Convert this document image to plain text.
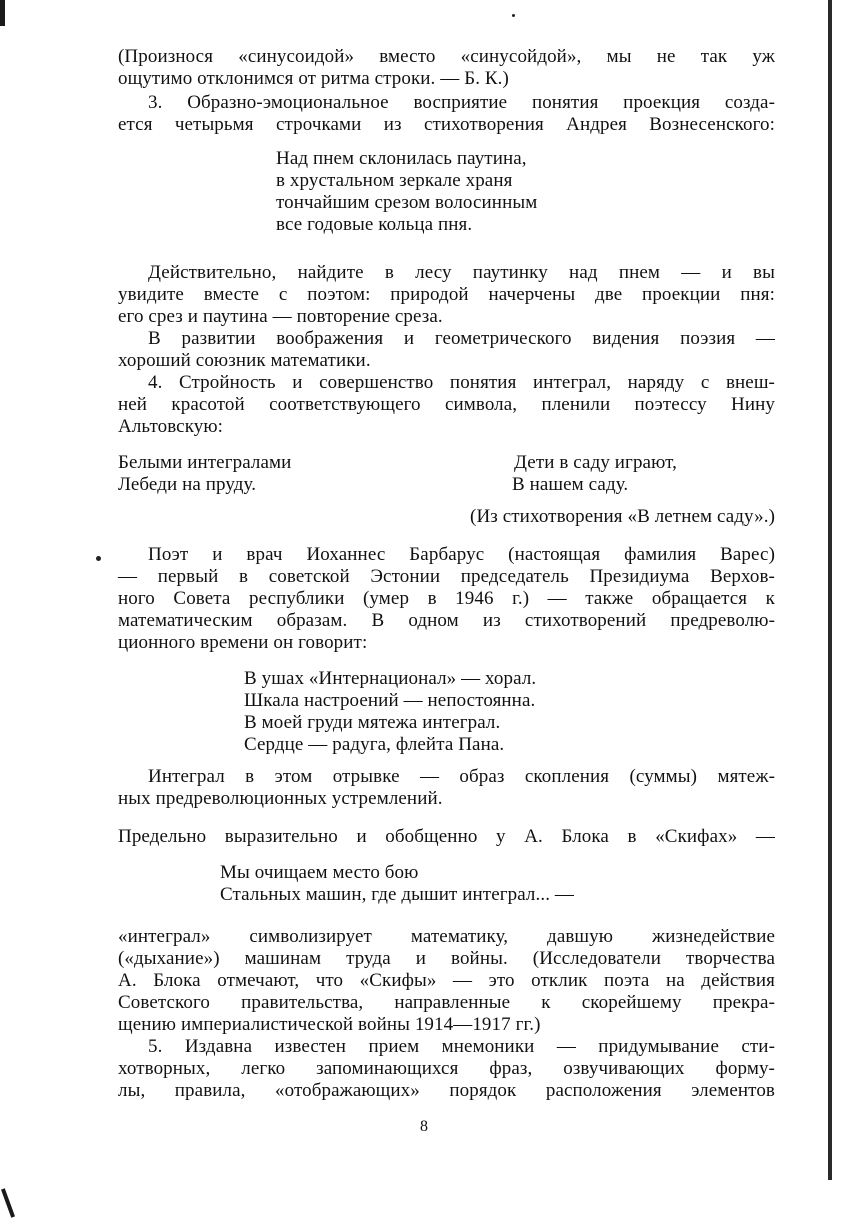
(Произнося «синусоидой» вместо «синусойдой», мы не так уж
ощутимо отклонимся от ритма строки. — Б. К.)
3. Образно-эмоциональное восприятие понятия проекция созда-
ется четырьмя строчками из стихотворения Андрея Вознесенского:
Над пнем склонилась паутина,
в хрустальном зеркале храня
тончайшим срезом волосинным
все годовые кольца пня.
Действительно, найдите в лесу паутинку над пнем — и вы
увидите вместе с поэтом: природой начерчены две проекции пня:
его срез и паутина — повторение среза.
В развитии воображения и геометрического видения поэзия —
хороший союзник математики.
4. Стройность и совершенство понятия интеграл, наряду с внеш-
ней красотой соответствующего символа, пленили поэтессу Нину
Альтовскую:
Белыми интегралами
Лебеди на пруду.
Дети в саду играют,
В нашем саду.
(Из стихотворения «В летнем саду».)
Поэт и врач Иоханнес Барбарус (настоящая фамилия Варес)
— первый в советской Эстонии председатель Президиума Верхов-
ного Совета республики (умер в 1946 г.) — также обращается к
математическим образам. В одном из стихотворений предреволю-
ционного времени он говорит:
В ушах «Интернационал» — хорал.
Шкала настроений — непостоянна.
В моей груди мятежа интеграл.
Сердце — радуга, флейта Пана.
Интеграл в этом отрывке — образ скопления (суммы) мятеж-
ных предреволюционных устремлений.
Предельно выразительно и обобщенно у А. Блока в «Скифах» —
Мы очищаем место бою
Стальных машин, где дышит интеграл... —
«интеграл» символизирует математику, давшую жизнедействие
(«дыхание») машинам труда и войны. (Исследователи творчества
А. Блока отмечают, что «Скифы» — это отклик поэта на действия
Советского правительства, направленные к скорейшему прекра-
щению империалистической войны 1914—1917 гг.)
5. Издавна известен прием мнемоники — придумывание сти-
хотворных, легко запоминающихся фраз, озвучивающих форму-
лы, правила, «отображающих» порядок расположения элементов
8
